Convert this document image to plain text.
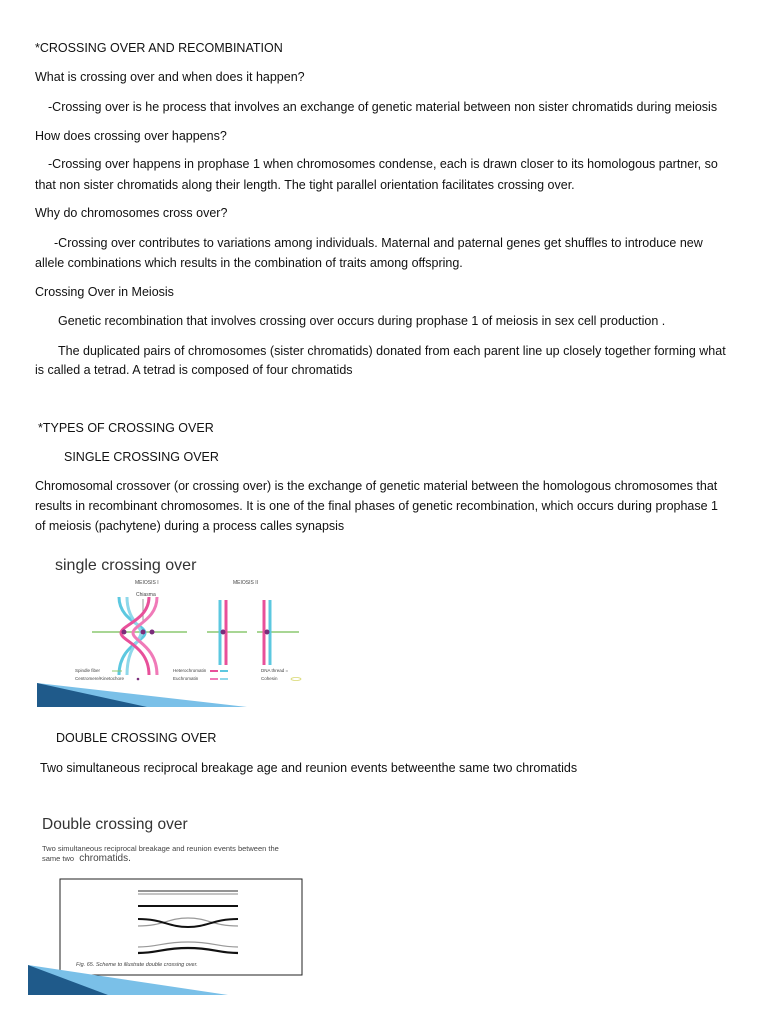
*CROSSING OVER AND RECOMBINATION
What is crossing over and when does it happen?
-Crossing over is he process that involves an exchange of genetic material between non sister chromatids during meiosis
How does crossing over happens?
-Crossing over happens in prophase 1 when chromosomes condense, each is drawn closer to its homologous partner, so
that non sister chromatids along their length. The tight parallel orientation facilitates crossing over.
Why do chromosomes cross over?
-Crossing over contributes to variations among individuals. Maternal and paternal genes get shuffles to introduce new
allele combinations which results in the combination of traits among offspring.
Crossing Over in Meiosis
Genetic recombination that involves crossing over occurs during prophase 1 of meiosis in sex cell production .
The duplicated pairs of chromosomes (sister chromatids) donated from each parent line up closely together forming what
is called a tetrad. A tetrad is composed of four chromatids
*TYPES OF CROSSING OVER
SINGLE CROSSING OVER
Chromosomal crossover (or crossing over) is the exchange of genetic material between the homologous chromosomes that
results in recombinant chromosomes. It is one of the final phases of genetic recombination, which occurs during prophase 1
of meiosis (pachytene) during a process calles synapsis
single crossing over
MEIOSIS I	MEIOSIS II
Chiasma
Spindle fiber
Centromere/Kinetochore
Heterochromatin
Euchromatin
DNA thread =
Cohesin
DOUBLE CROSSING OVER
Two simultaneous reciprocal breakage age and reunion events betweenthe same two chromatids
Double crossing over
Two simultaneous reciprocal breakage and reunion events between the
same two chromatids.
Fig. 65. Scheme to illustrate double crossing over.
